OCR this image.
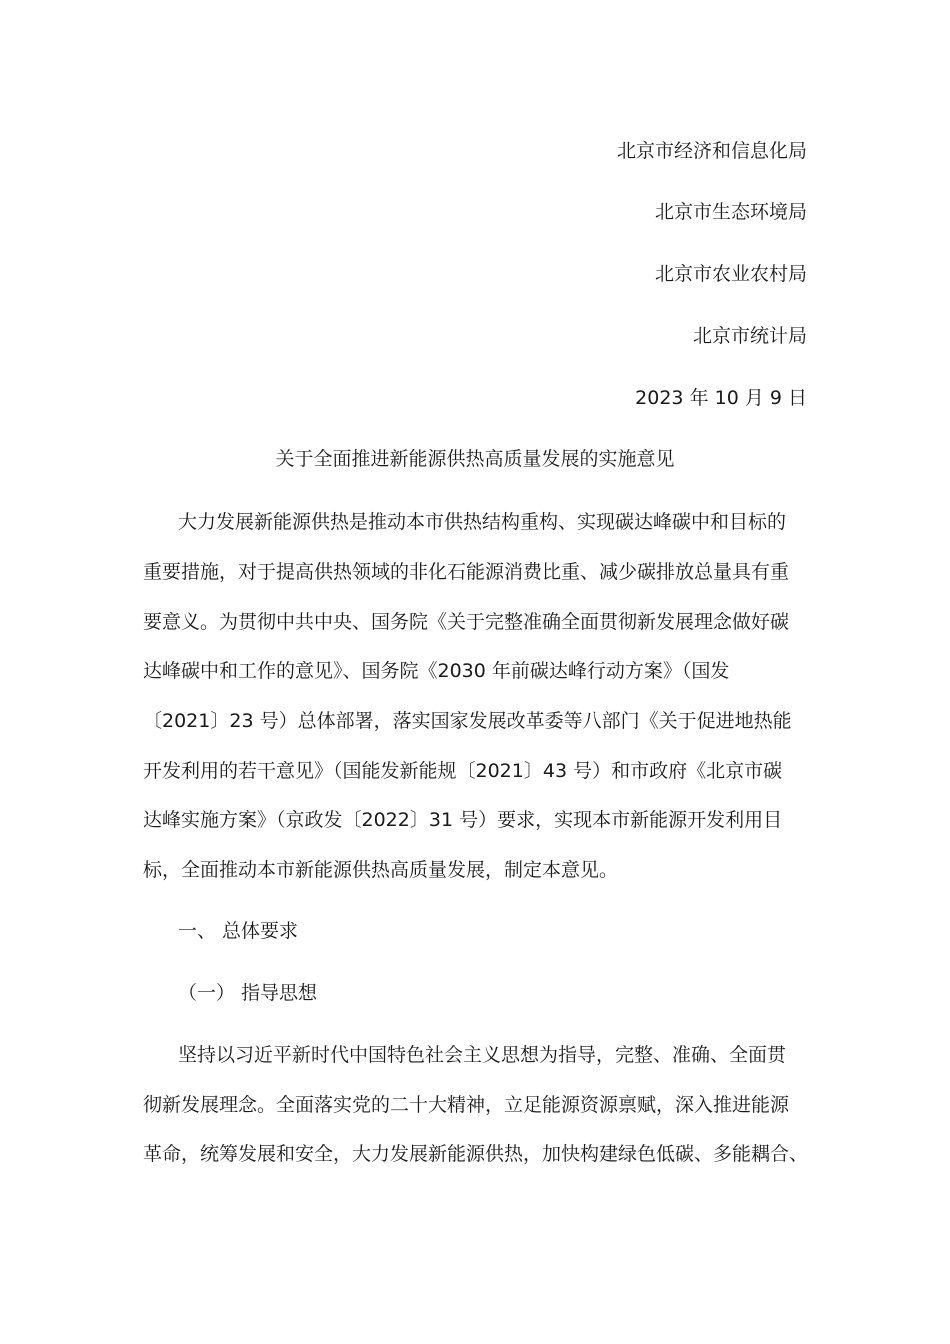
北京市经济和信息化局
北京市生态环境局
北京市农业农村局
北京市统计局
2023 年 10 月 9 日
关于全面推进新能源供热高质量发展的实施意见
大力发展新能源供热是推动本市供热结构重构、实现碳达峰碳中和目标的
重要措施，对于提高供热领域的非化石能源消费比重、减少碳排放总量具有重
要意义。为贯彻中共中央、国务院《关于完整准确全面贯彻新发展理念做好碳
达峰碳中和工作的意见》、国务院《2030 年前碳达峰行动方案》（国发
〔2021〕23 号）总体部署，落实国家发展改革委等八部门《关于促进地热能
开发利用的若干意见》（国能发新能规〔2021〕43 号）和市政府《北京市碳
达峰实施方案》（京政发〔2022〕31 号）要求，实现本市新能源开发利用目
标，全面推动本市新能源供热高质量发展，制定本意见。
一、 总体要求
（一） 指导思想
坚持以习近平新时代中国特色社会主义思想为指导，完整、准确、全面贯
彻新发展理念。全面落实党的二十大精神，立足能源资源禀赋，深入推进能源
革命，统筹发展和安全，大力发展新能源供热，加快构建绿色低碳、多能耦合、
